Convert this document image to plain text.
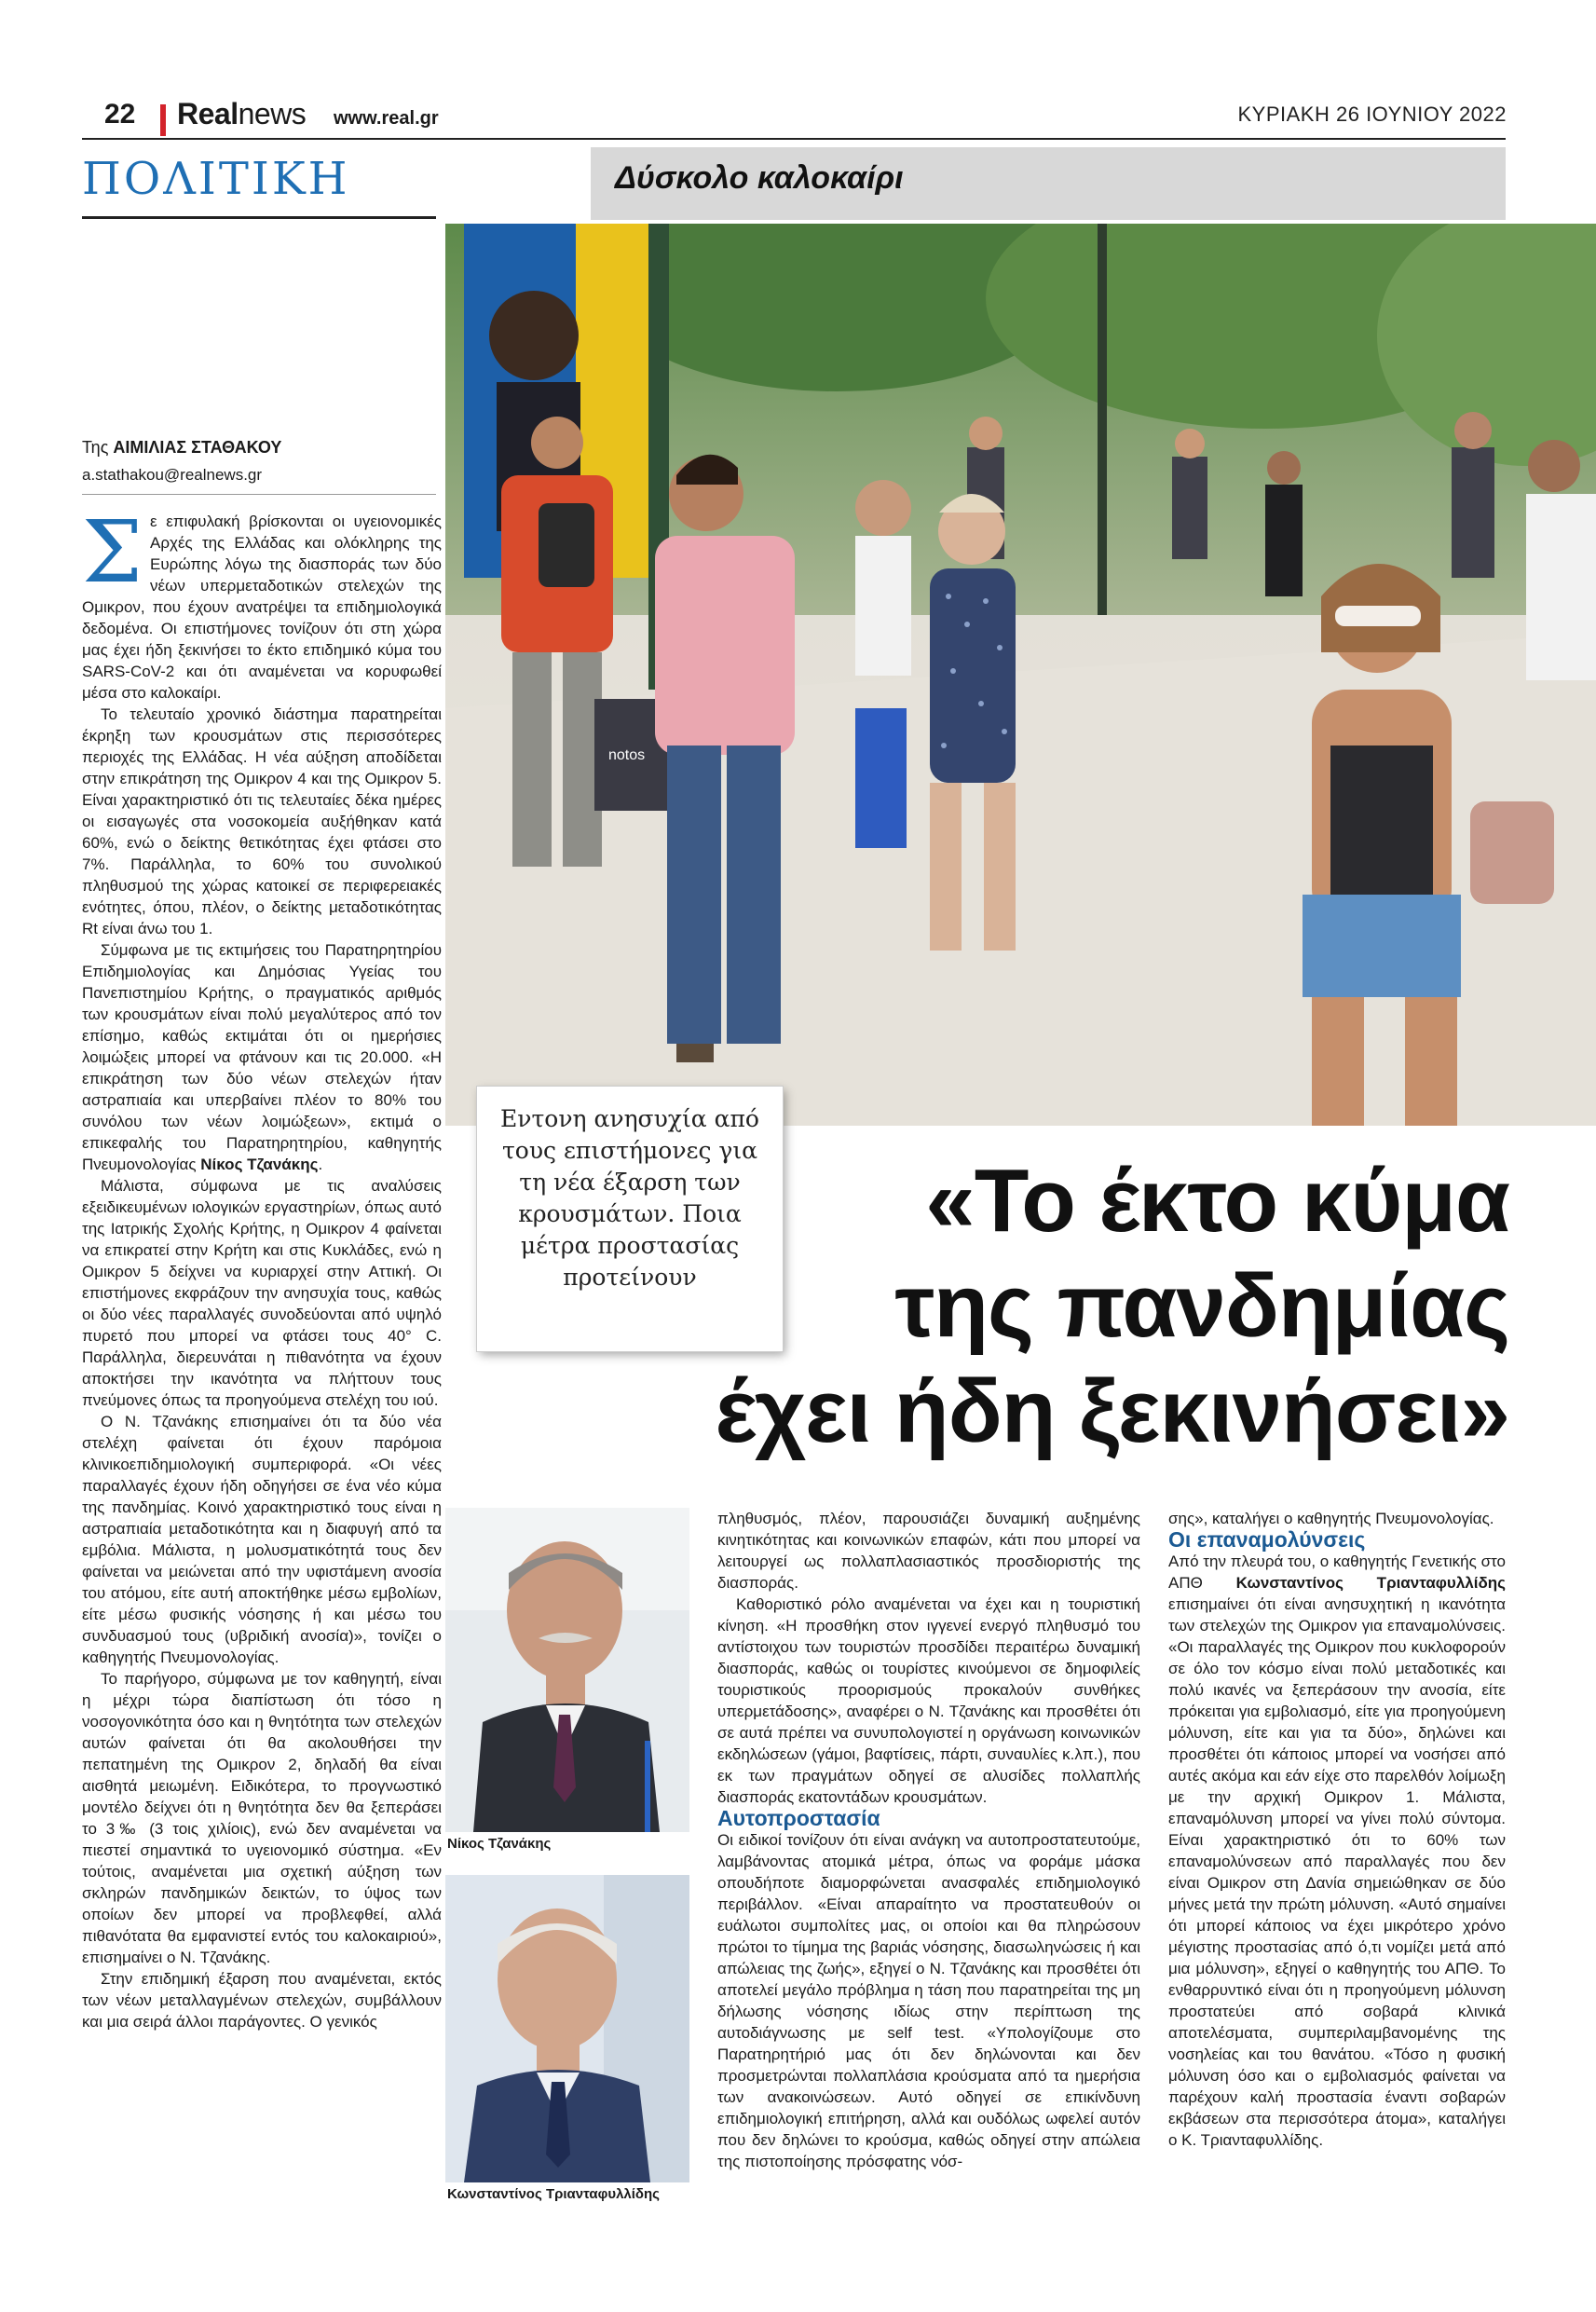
22 Realnews www.real.gr	ΚΥΡΙΑΚΗ 26 ΙΟΥΝΙΟΥ 2022
ΠΟΛΙΤΙΚΗ	Δύσκολο καλοκαίρι
notos
Της ΑΙΜΙΛΙΑΣ ΣΤΑΘΑΚΟΥ
a.stathakou@realnews.gr

Σε επιφυλακή βρίσκονται οι υγειονομικές Αρχές της Ελλάδας και ολόκληρης της Ευρώπης λόγω της διασποράς των δύο νέων υπερμεταδοτικών στελεχών της Ομικρον, που έχουν ανατρέψει τα επιδημιολογικά δεδομένα. Οι επιστήμονες τονίζουν ότι στη χώρα μας έχει ήδη ξεκινήσει το έκτο επιδημικό κύμα του SARS-CoV-2 και ότι αναμένεται να κορυφωθεί μέσα στο καλοκαίρι.

Το τελευταίο χρονικό διάστημα παρατηρείται έκρηξη των κρουσμάτων στις περισσότερες περιοχές της Ελλάδας. Η νέα αύξηση αποδίδεται στην επικράτηση της Ομικρον 4 και της Ομικρον 5. Είναι χαρακτηριστικό ότι τις τελευταίες δέκα ημέρες οι εισαγωγές στα νοσοκομεία αυξήθηκαν κατά 60%, ενώ ο δείκτης θετικότητας έχει φτάσει στο 7%. Παράλληλα, το 60% του συνολικού πληθυσμού της χώρας κατοικεί σε περιφερειακές ενότητες, όπου, πλέον, ο δείκτης μεταδοτικότητας Rt είναι άνω του 1.

Σύμφωνα με τις εκτιμήσεις του Παρατηρητηρίου Επιδημιολογίας και Δημόσιας Υγείας του Πανεπιστημίου Κρήτης, ο πραγματικός αριθμός των κρουσμάτων είναι πολύ μεγαλύτερος από τον επίσημο, καθώς εκτιμάται ότι οι ημερήσιες λοιμώξεις μπορεί να φτάνουν και τις 20.000. «Η επικράτηση των δύο νέων στελεχών ήταν αστραπιαία και υπερβαίνει πλέον το 80% του συνόλου των νέων λοιμώξεων», εκτιμά ο επικεφαλής του Παρατηρητηρίου, καθηγητής Πνευμονολογίας Νίκος Τζανάκης.

Μάλιστα, σύμφωνα με τις αναλύσεις εξειδικευμένων ιολογικών εργαστηρίων, όπως αυτό της Ιατρικής Σχολής Κρήτης, η Ομικρον 4 φαίνεται να επικρατεί στην Κρήτη και στις Κυκλάδες, ενώ η Ομικρον 5 δείχνει να κυριαρχεί στην Αττική. Οι επιστήμονες εκφράζουν την ανησυχία τους, καθώς οι δύο νέες παραλλαγές συνοδεύονται από υψηλό πυρετό που μπορεί να φτάσει τους 40° C. Παράλληλα, διερευνάται η πιθανότητα να έχουν αποκτήσει την ικανότητα να πλήττουν τους πνεύμονες όπως τα προηγούμενα στελέχη του ιού.

Ο Ν. Τζανάκης επισημαίνει ότι τα δύο νέα στελέχη φαίνεται ότι έχουν παρόμοια κλινικοεπιδημιολογική συμπεριφορά. «Οι νέες παραλλαγές έχουν ήδη οδηγήσει σε ένα νέο κύμα της πανδημίας. Κοινό χαρακτηριστικό τους είναι η αστραπιαία μεταδοτικότητα και η διαφυγή από τα εμβόλια. Μάλιστα, η μολυσματικότητά τους δεν φαίνεται να μειώνεται από την υφιστάμενη ανοσία του ατόμου, είτε αυτή αποκτήθηκε μέσω εμβολίων, είτε μέσω φυσικής νόσησης ή και μέσω του συνδυασμού τους (υβριδική ανοσία)», τονίζει ο καθηγητής Πνευμονολογίας.

Το παρήγορο, σύμφωνα με τον καθηγητή, είναι η μέχρι τώρα διαπίστωση ότι τόσο η νοσογονικότητα όσο και η θνητότητα των στελεχών αυτών φαίνεται ότι θα ακολουθήσει την πεπατημένη της Ομικρον 2, δηλαδή θα είναι αισθητά μειωμένη. Ειδικότερα, το προγνωστικό μοντέλο δείχνει ότι η θνητότητα δεν θα ξεπεράσει το 3‰ (3 τοις χιλίοις), ενώ δεν αναμένεται να πιεστεί σημαντικά το υγειονομικό σύστημα. «Εν τούτοις, αναμένεται μια σχετική αύξηση των σκληρών πανδημικών δεικτών, το ύψος των οποίων δεν μπορεί να προβλεφθεί, αλλά πιθανότατα θα εμφανιστεί εντός του καλοκαιριού», επισημαίνει ο Ν. Τζανάκης.

Στην επιδημική έξαρση που αναμένεται, εκτός των νέων μεταλλαγμένων στελεχών, συμβάλλουν και μια σειρά άλλοι παράγοντες. Ο γενικός

Εντονη ανησυχία από τους επιστήμονες για τη νέα έξαρση των κρουσμάτων. Ποια μέτρα προστασίας προτείνουν
«Το έκτο κύμα
της πανδημίας
έχει ήδη ξεκινήσει»
Νίκος Τζανάκης
Κωνσταντίνος Τριανταφυλλίδης

πληθυσμός, πλέον, παρουσιάζει δυναμική αυξημένης κινητικότητας και κοινωνικών επαφών, κάτι που μπορεί να λειτουργεί ως πολλαπλασιαστικός προσδιοριστής της διασποράς.

Καθοριστικό ρόλο αναμένεται να έχει και η τουριστική κίνηση. «Η προσθήκη στον ιγγενεί ενεργό πληθυσμό του αντίστοιχου των τουριστών προσδίδει περαιτέρω δυναμική διασποράς, καθώς οι τουρίστες κινούμενοι σε δημοφιλείς τουριστικούς προορισμούς προκαλούν συνθήκες υπερμετάδοσης», αναφέρει ο Ν. Τζανάκης και προσθέτει ότι σε αυτά πρέπει να συνυπολογιστεί η οργάνωση κοινωνικών εκδηλώσεων (γάμοι, βαφτίσεις, πάρτι, συναυλίες κ.λπ.), που εκ των πραγμάτων οδηγεί σε αλυσίδες πολλαπλής διασποράς εκατοντάδων κρουσμάτων.

Αυτοπροστασία

Οι ειδικοί τονίζουν ότι είναι ανάγκη να αυτοπροστατευτούμε, λαμβάνοντας ατομικά μέτρα, όπως να φοράμε μάσκα οπουδήποτε διαμορφώνεται ανασφαλές επιδημιολογικό περιβάλλον. «Είναι απαραίτητο να προστατευθούν οι ευάλωτοι συμπολίτες μας, οι οποίοι και θα πληρώσουν πρώτοι το τίμημα της βαριάς νόσησης, διασωληνώσεις ή και απώλειας της ζωής», εξηγεί ο Ν. Τζανάκης και προσθέτει ότι αποτελεί μεγάλο πρόβλημα η τάση που παρατηρείται της μη δήλωσης νόσησης ιδίως στην περίπτωση της αυτοδιάγνωσης με self test. «Υπολογίζουμε στο Παρατηρητήριό μας ότι δεν δηλώνονται και δεν προσμετρώνται πολλαπλάσια κρούσματα από τα ημερήσια των ανακοινώσεων. Αυτό οδηγεί σε επικίνδυνη επιδημιολογική επιτήρηση, αλλά και ουδόλως ωφελεί αυτόν που δεν δηλώνει το κρούσμα, καθώς οδηγεί στην απώλεια της πιστοποίησης πρόσφατης νόσ-

σης», καταλήγει ο καθηγητής Πνευμονολογίας.

Οι επαναμολύνσεις

Από την πλευρά του, ο καθηγητής Γενετικής στο ΑΠΘ Κωνσταντίνος Τριανταφυλλίδης επισημαίνει ότι είναι ανησυχητική η ικανότητα των στελεχών της Ομικρον για επαναμολύνσεις. «Οι παραλλαγές της Ομικρον που κυκλοφορούν σε όλο τον κόσμο είναι πολύ μεταδοτικές και πολύ ικανές να ξεπεράσουν την ανοσία, είτε πρόκειται για εμβολιασμό, είτε για προηγούμενη μόλυνση, είτε και για τα δύο», δηλώνει και προσθέτει ότι κάποιος μπορεί να νοσήσει από αυτές ακόμα και εάν είχε στο παρελθόν λοίμωξη με την αρχική Ομικρον 1. Μάλιστα, επαναμόλυνση μπορεί να γίνει πολύ σύντομα. Είναι χαρακτηριστικό ότι το 60% των επαναμολύνσεων από παραλλαγές που δεν είναι Ομικρον στη Δανία σημειώθηκαν σε δύο μήνες μετά την πρώτη μόλυνση. «Αυτό σημαίνει ότι μπορεί κάποιος να έχει μικρότερο χρόνο μέγιστης προστασίας από ό,τι νομίζει μετά από μια μόλυνση», εξηγεί ο καθηγητής του ΑΠΘ. Το ενθαρρυντικό είναι ότι η προηγούμενη μόλυνση προστατεύει από σοβαρά κλινικά αποτελέσματα, συμπεριλαμβανομένης της νοσηλείας και του θανάτου. «Τόσο η φυσική μόλυνση όσο και ο εμβολιασμός φαίνεται να παρέχουν καλή προστασία έναντι σοβαρών εκβάσεων στα περισσότερα άτομα», καταλήγει ο Κ. Τριανταφυλλίδης.
